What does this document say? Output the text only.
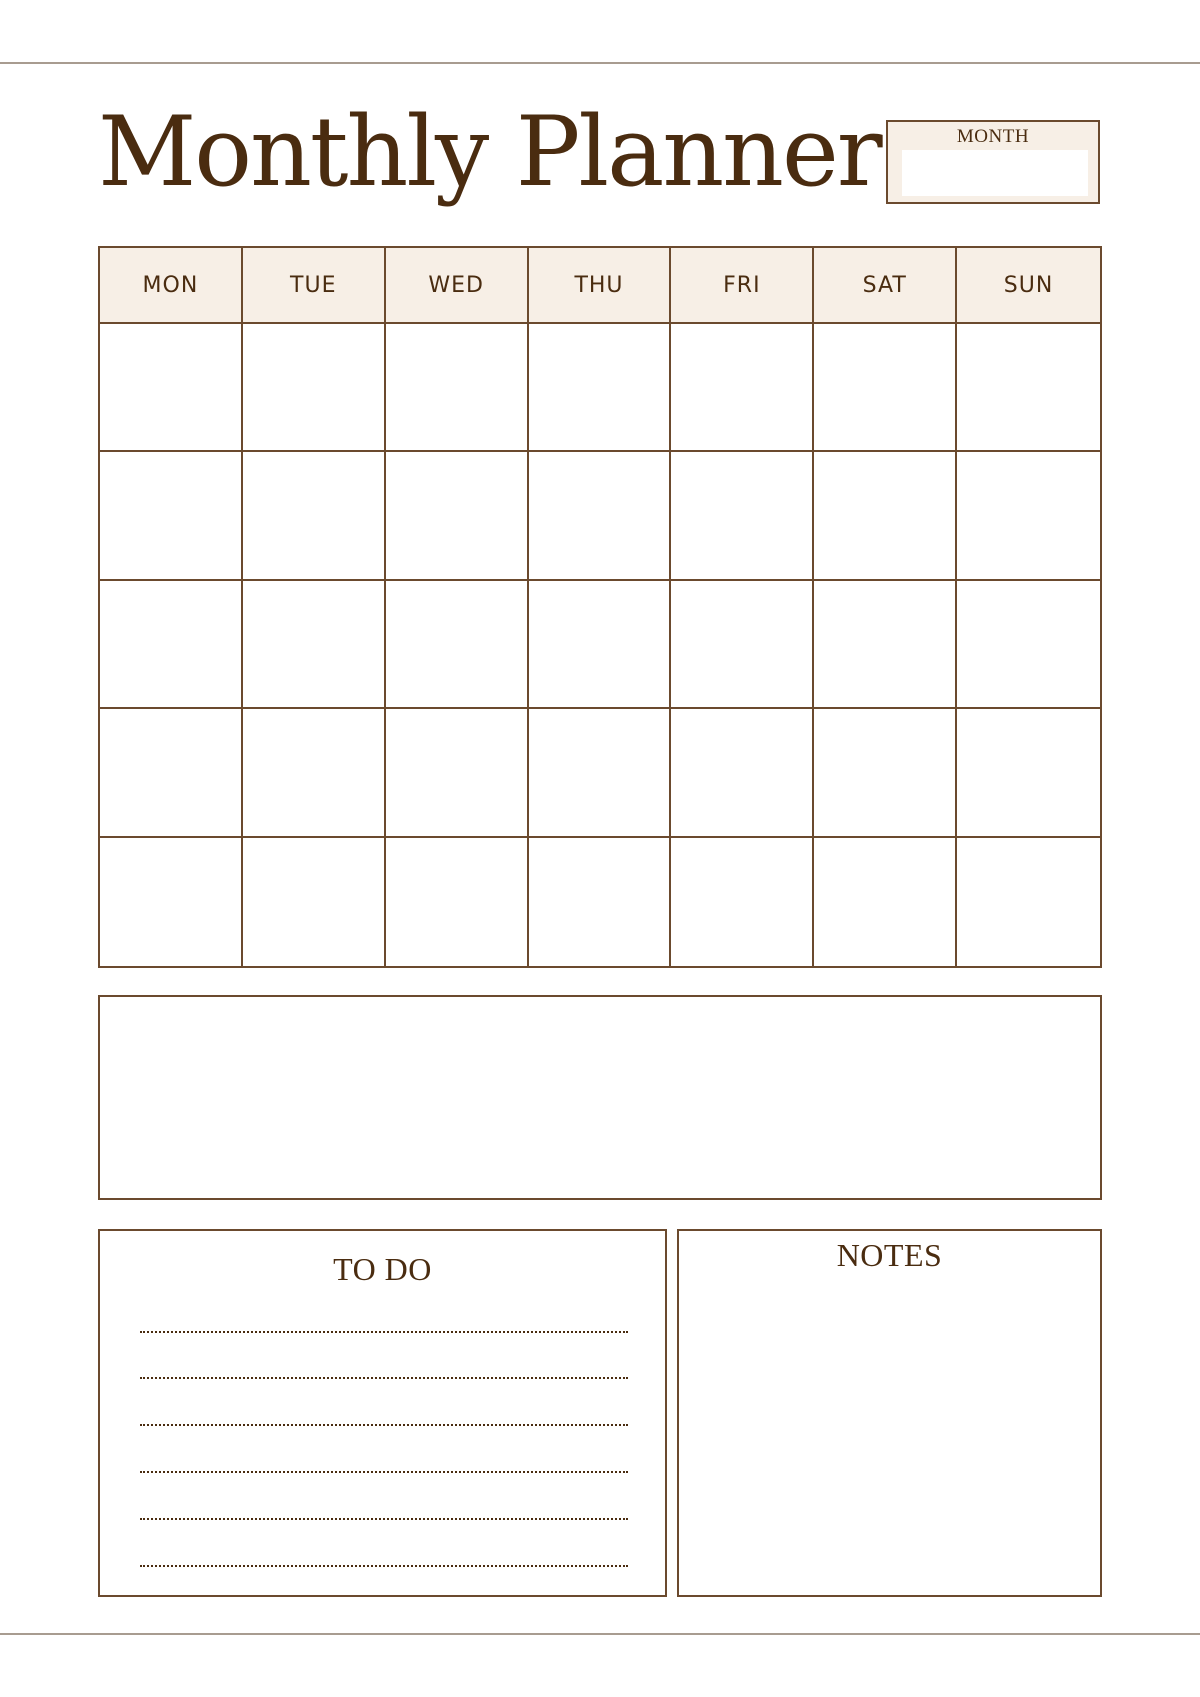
Monthly Planner	MONTH
MON	TUE	WED	THU	FRI	SAT	SUN
TO DO	NOTES
